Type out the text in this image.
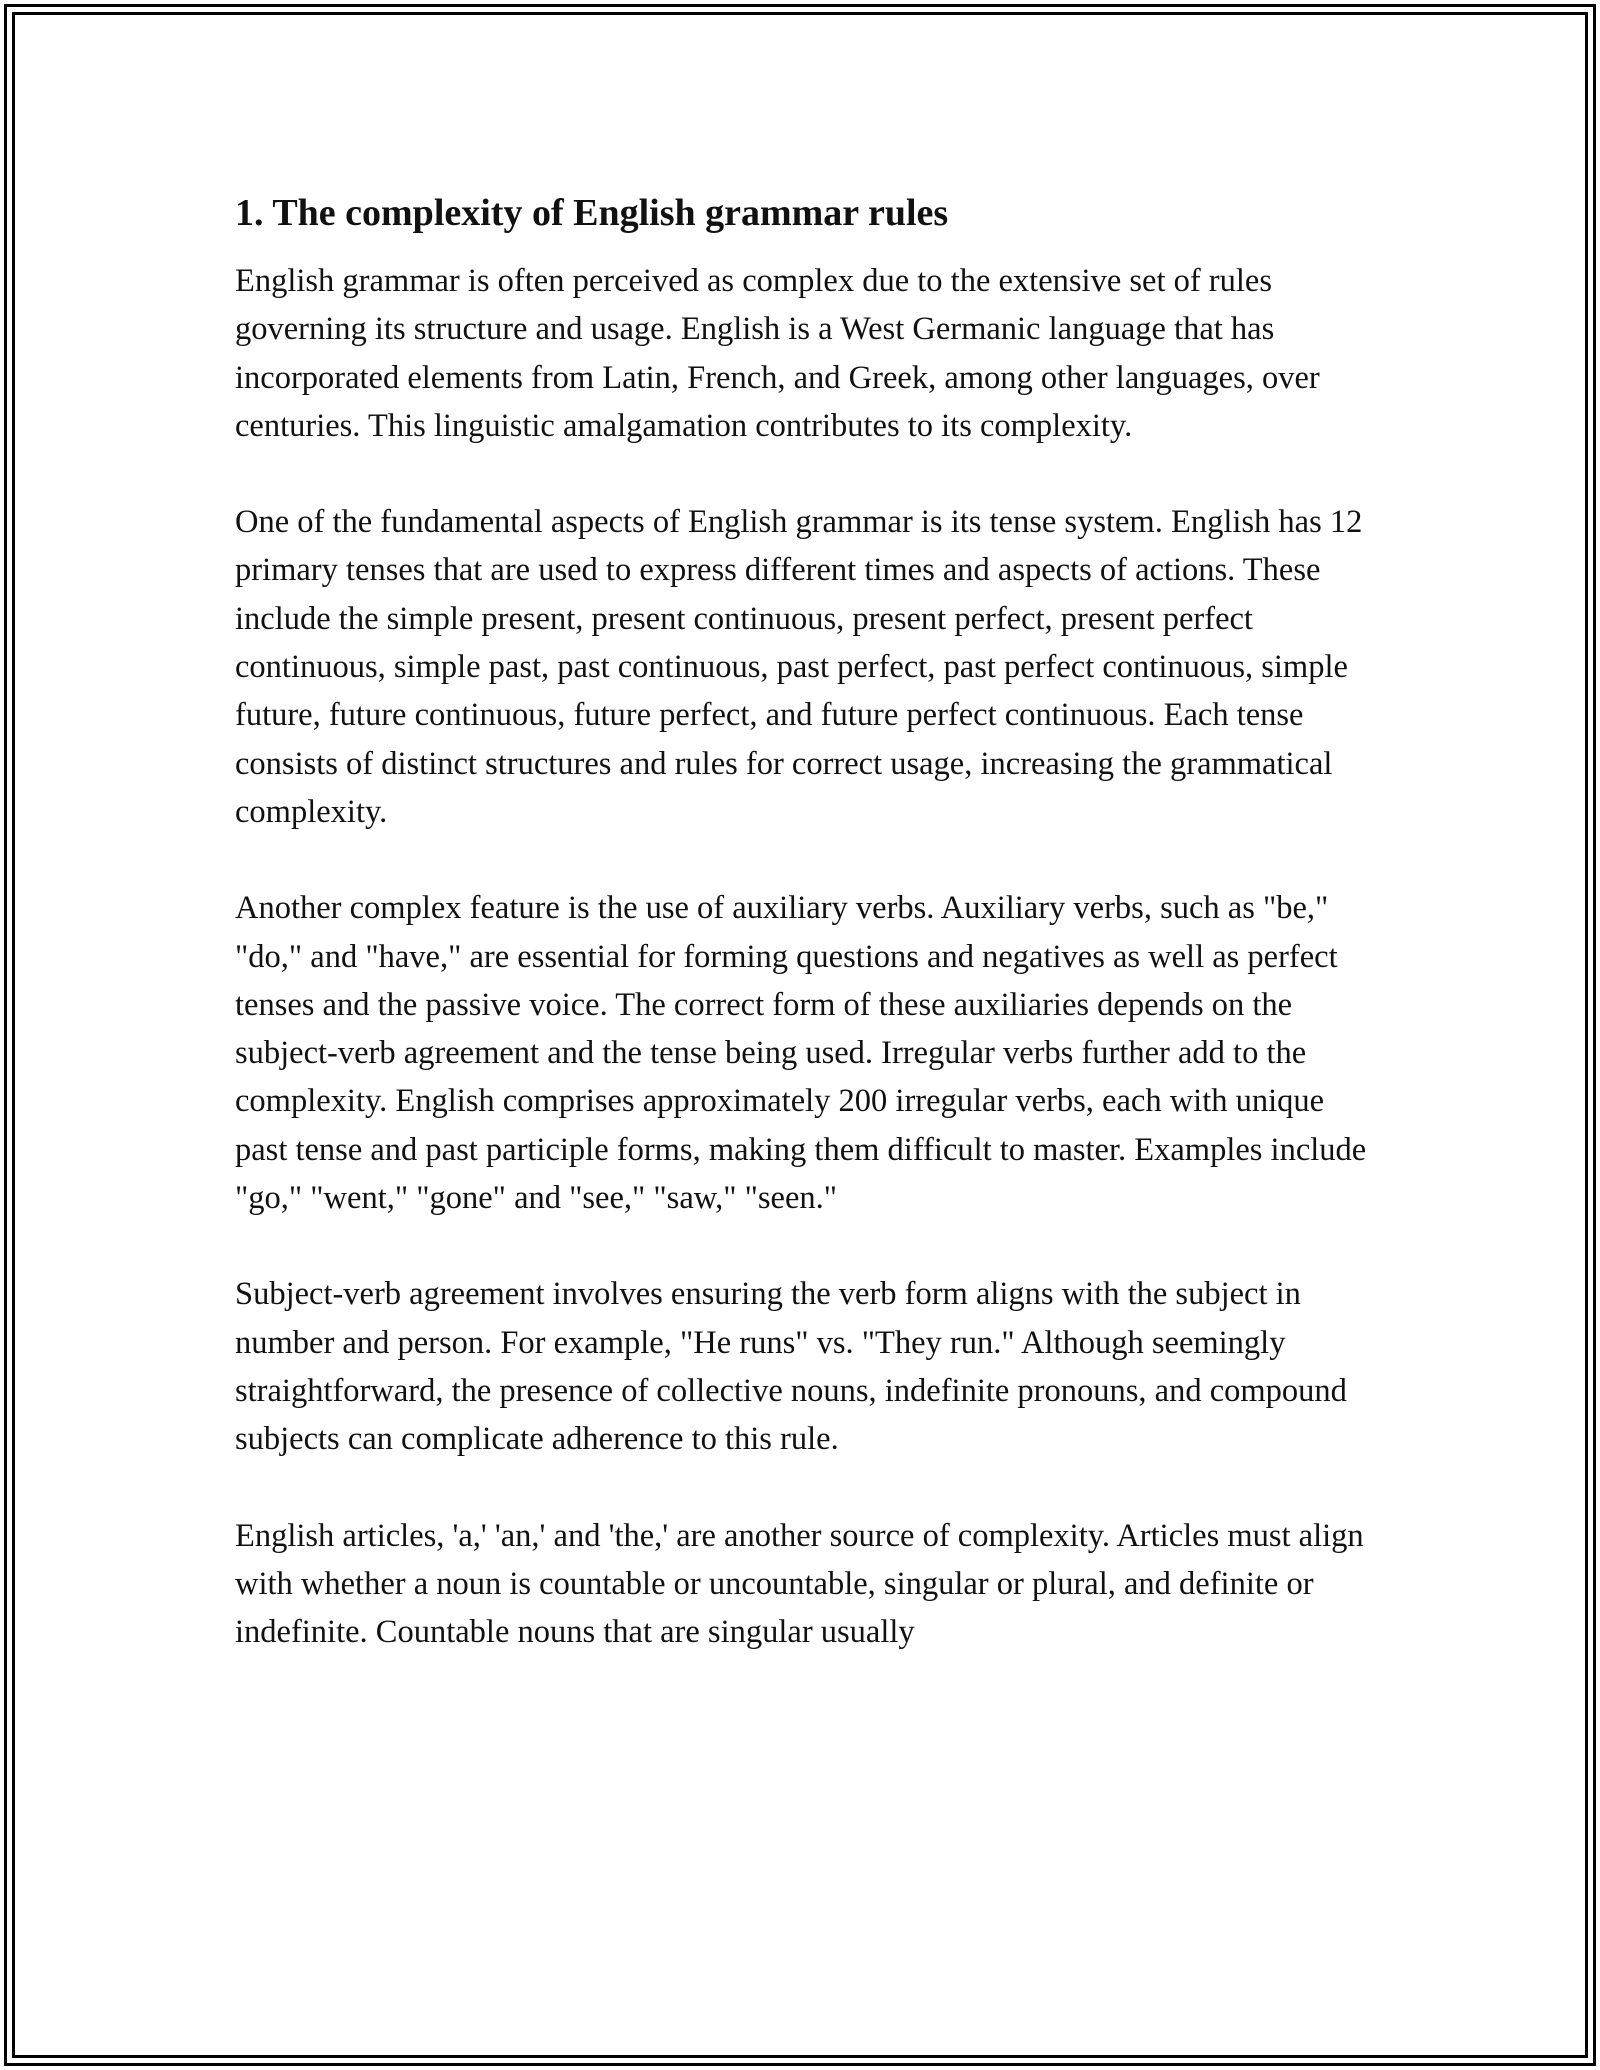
1. The complexity of English grammar rules

English grammar is often perceived as complex due to the extensive set of rules governing its structure and usage. English is a West Germanic language that has incorporated elements from Latin, French, and Greek, among other languages, over centuries. This linguistic amalgamation contributes to its complexity.

One of the fundamental aspects of English grammar is its tense system. English has 12 primary tenses that are used to express different times and aspects of actions. These include the simple present, present continuous, present perfect, present perfect continuous, simple past, past continuous, past perfect, past perfect continuous, simple future, future continuous, future perfect, and future perfect continuous. Each tense consists of distinct structures and rules for correct usage, increasing the grammatical complexity.

Another complex feature is the use of auxiliary verbs. Auxiliary verbs, such as "be," "do," and "have," are essential for forming questions and negatives as well as perfect tenses and the passive voice. The correct form of these auxiliaries depends on the subject-verb agreement and the tense being used. Irregular verbs further add to the complexity. English comprises approximately 200 irregular verbs, each with unique past tense and past participle forms, making them difficult to master. Examples include "go," "went," "gone" and "see," "saw," "seen."

Subject-verb agreement involves ensuring the verb form aligns with the subject in number and person. For example, "He runs" vs. "They run." Although seemingly straightforward, the presence of collective nouns, indefinite pronouns, and compound subjects can complicate adherence to this rule.

English articles, 'a,' 'an,' and 'the,' are another source of complexity. Articles must align with whether a noun is countable or uncountable, singular or plural, and definite or indefinite. Countable nouns that are singular usually
